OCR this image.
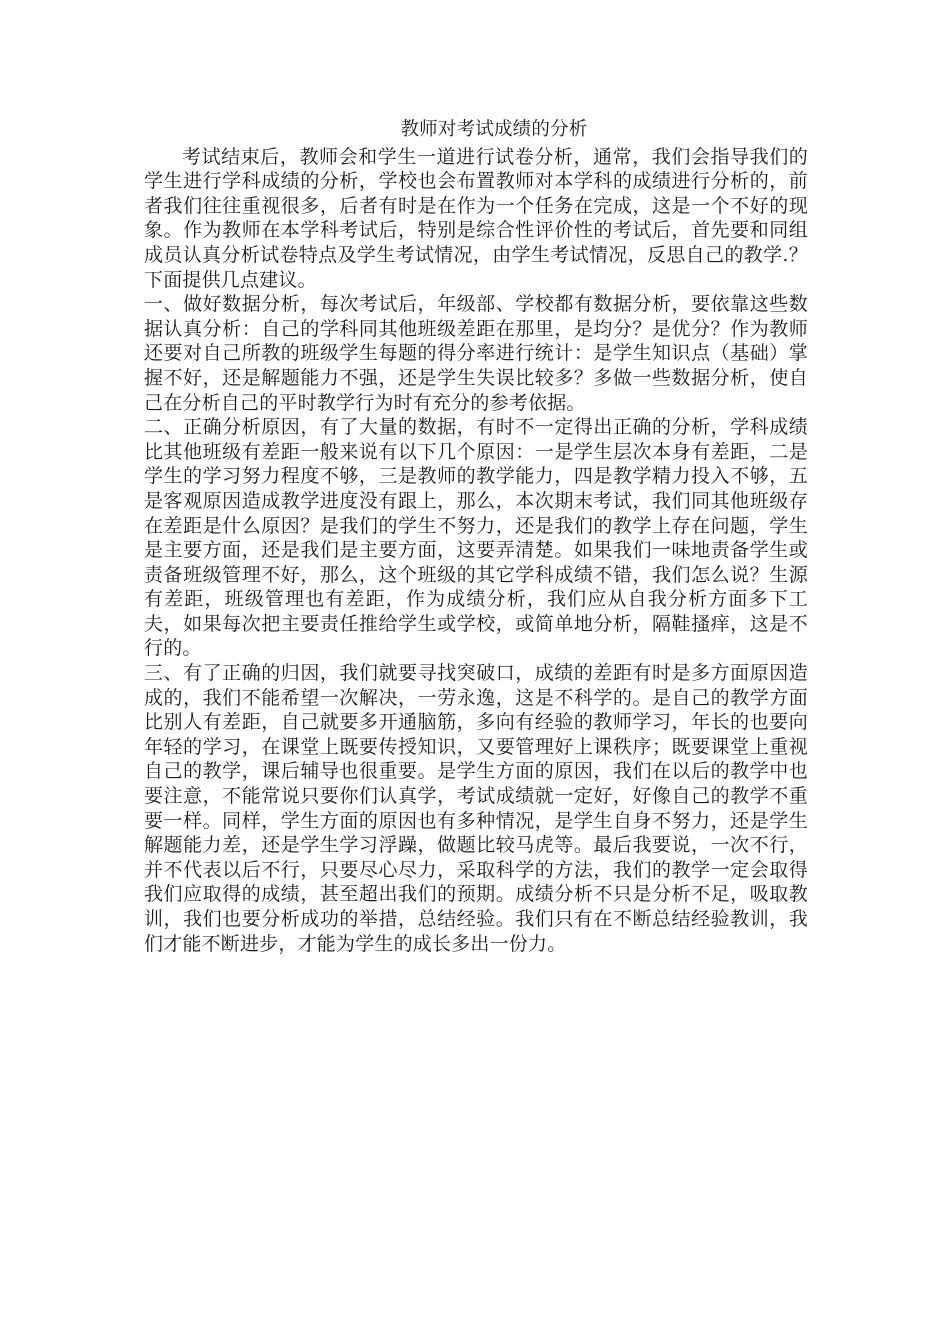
教师对考试成绩的分析

考试结束后，教师会和学生一道进行试卷分析，通常，我们会指导我们的学生进行学科成绩的分析，学校也会布置教师对本学科的成绩进行分析的，前者我们往往重视很多，后者有时是在作为一个任务在完成，这是一个不好的现象。作为教师在本学科考试后，特别是综合性评价性的考试后，首先要和同组成员认真分析试卷特点及学生考试情况，由学生考试情况，反思自己的教学.？下面提供几点建议。

一、做好数据分析，每次考试后，年级部、学校都有数据分析，要依靠这些数据认真分析：自己的学科同其他班级差距在那里，是均分？是优分？作为教师还要对自己所教的班级学生每题的得分率进行统计：是学生知识点（基础）掌握不好，还是解题能力不强，还是学生失误比较多？多做一些数据分析，使自己在分析自己的平时教学行为时有充分的参考依据。

二、正确分析原因，有了大量的数据，有时不一定得出正确的分析，学科成绩比其他班级有差距一般来说有以下几个原因：一是学生层次本身有差距，二是学生的学习努力程度不够，三是教师的教学能力，四是教学精力投入不够，五是客观原因造成教学进度没有跟上，那么，本次期末考试，我们同其他班级存在差距是什么原因？是我们的学生不努力，还是我们的教学上存在问题，学生是主要方面，还是我们是主要方面，这要弄清楚。如果我们一味地责备学生或责备班级管理不好，那么，这个班级的其它学科成绩不错，我们怎么说？生源有差距，班级管理也有差距，作为成绩分析，我们应从自我分析方面多下工夫，如果每次把主要责任推给学生或学校，或简单地分析，隔鞋搔痒，这是不行的。

三、有了正确的归因，我们就要寻找突破口，成绩的差距有时是多方面原因造成的，我们不能希望一次解决，一劳永逸，这是不科学的。是自己的教学方面比别人有差距，自己就要多开通脑筋，多向有经验的教师学习，年长的也要向年轻的学习，在课堂上既要传授知识，又要管理好上课秩序；既要课堂上重视自己的教学，课后辅导也很重要。是学生方面的原因，我们在以后的教学中也要注意，不能常说只要你们认真学，考试成绩就一定好，好像自己的教学不重要一样。同样，学生方面的原因也有多种情况，是学生自身不努力，还是学生解题能力差，还是学生学习浮躁，做题比较马虎等。最后我要说，一次不行，并不代表以后不行，只要尽心尽力，采取科学的方法，我们的教学一定会取得我们应取得的成绩，甚至超出我们的预期。成绩分析不只是分析不足，吸取教训，我们也要分析成功的举措，总结经验。我们只有在不断总结经验教训，我们才能不断进步，才能为学生的成长多出一份力。
